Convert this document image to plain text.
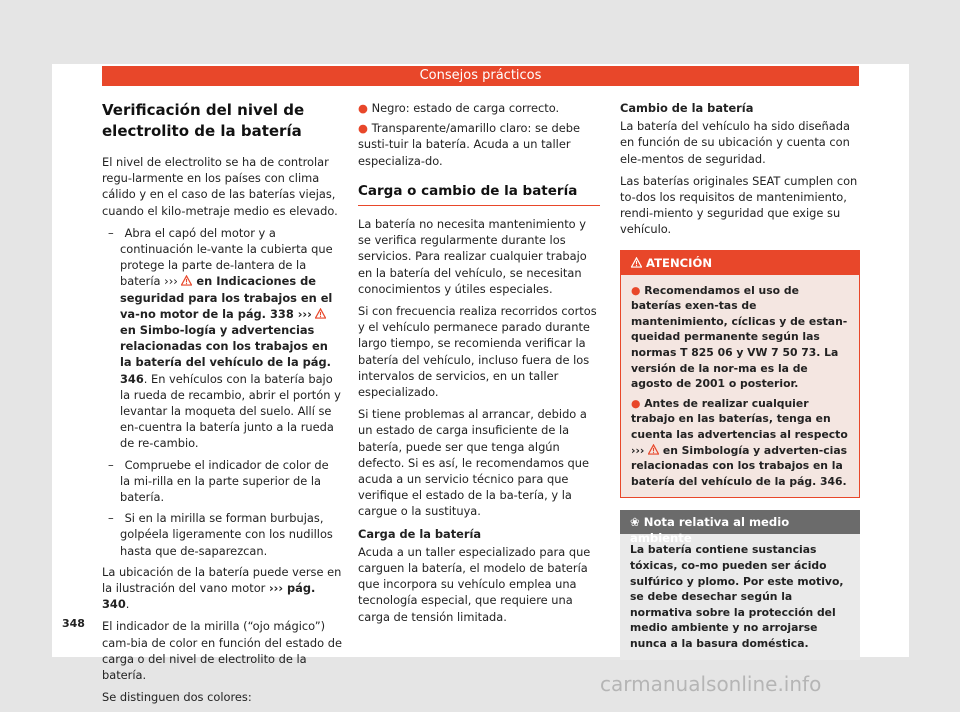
Consejos prácticos
Verificación del nivel de electrolito de la batería

El nivel de electrolito se ha de controlar regu-larmente en los países con clima cálido y en el caso de las baterías viejas, cuando el kilo-metraje medio es elevado.

–   Abra el capó del motor y a continuación le-vante la cubierta que protege la parte de-lantera de la batería ›››  en Indicaciones de seguridad para los trabajos en el va-no motor de la pág. 338 ›››  en Simbo-logía y advertencias relacionadas con los trabajos en la batería del vehículo de la pág. 346. En vehículos con la batería bajo la rueda de recambio, abrir el portón y levantar la moqueta del suelo. Allí se en-cuentra la batería junto a la rueda de re-cambio.
–   Compruebe el indicador de color de la mi-rilla en la parte superior de la batería.
–   Si en la mirilla se forman burbujas, golpéela ligeramente con los nudillos hasta que de-saparezcan.

La ubicación de la batería puede verse en la ilustración del vano motor ››› pág. 340.

El indicador de la mirilla (“ojo mágico”) cam-bia de color en función del estado de carga o del nivel de electrolito de la batería.

Se distinguen dos colores:

● Negro: estado de carga correcto.
● Transparente/amarillo claro: se debe susti-tuir la batería. Acuda a un taller especializa-do.
Carga o cambio de la batería

La batería no necesita mantenimiento y se verifica regularmente durante los servicios. Para realizar cualquier trabajo en la batería del vehículo, se necesitan conocimientos y útiles especiales.

Si con frecuencia realiza recorridos cortos y el vehículo permanece parado durante largo tiempo, se recomienda verificar la batería del vehículo, incluso fuera de los intervalos de servicios, en un taller especializado.

Si tiene problemas al arrancar, debido a un estado de carga insuficiente de la batería, puede ser que tenga algún defecto. Si es así, le recomendamos que acuda a un servicio técnico para que verifique el estado de la ba-tería, y la cargue o la sustituya.

Carga de la batería

Acuda a un taller especializado para que carguen la batería, el modelo de batería que incorpora su vehículo emplea una tecnología especial, que requiere una carga de tensión limitada.

Cambio de la batería

La batería del vehículo ha sido diseñada en función de su ubicación y cuenta con ele-mentos de seguridad.

Las baterías originales SEAT cumplen con to-dos los requisitos de mantenimiento, rendi-miento y seguridad que exige su vehículo.

ATENCIÓN
● Recomendamos el uso de baterías exen-tas de mantenimiento, cíclicas y de estan-queidad permanente según las normas T 825 06 y VW 7 50 73. La versión de la nor-ma es la de agosto de 2001 o posterior.
● Antes de realizar cualquier trabajo en las baterías, tenga en cuenta las advertencias al respecto ›››  en Simbología y adverten-cias relacionadas con los trabajos en la batería del vehículo de la pág. 346.
❀ Nota relativa al medio ambiente
La batería contiene sustancias tóxicas, co-mo pueden ser ácido sulfúrico y plomo. Por este motivo, se debe desechar según la normativa sobre la protección del medio ambiente y no arrojarse nunca a la basura doméstica.
348
carmanualsonline.info
